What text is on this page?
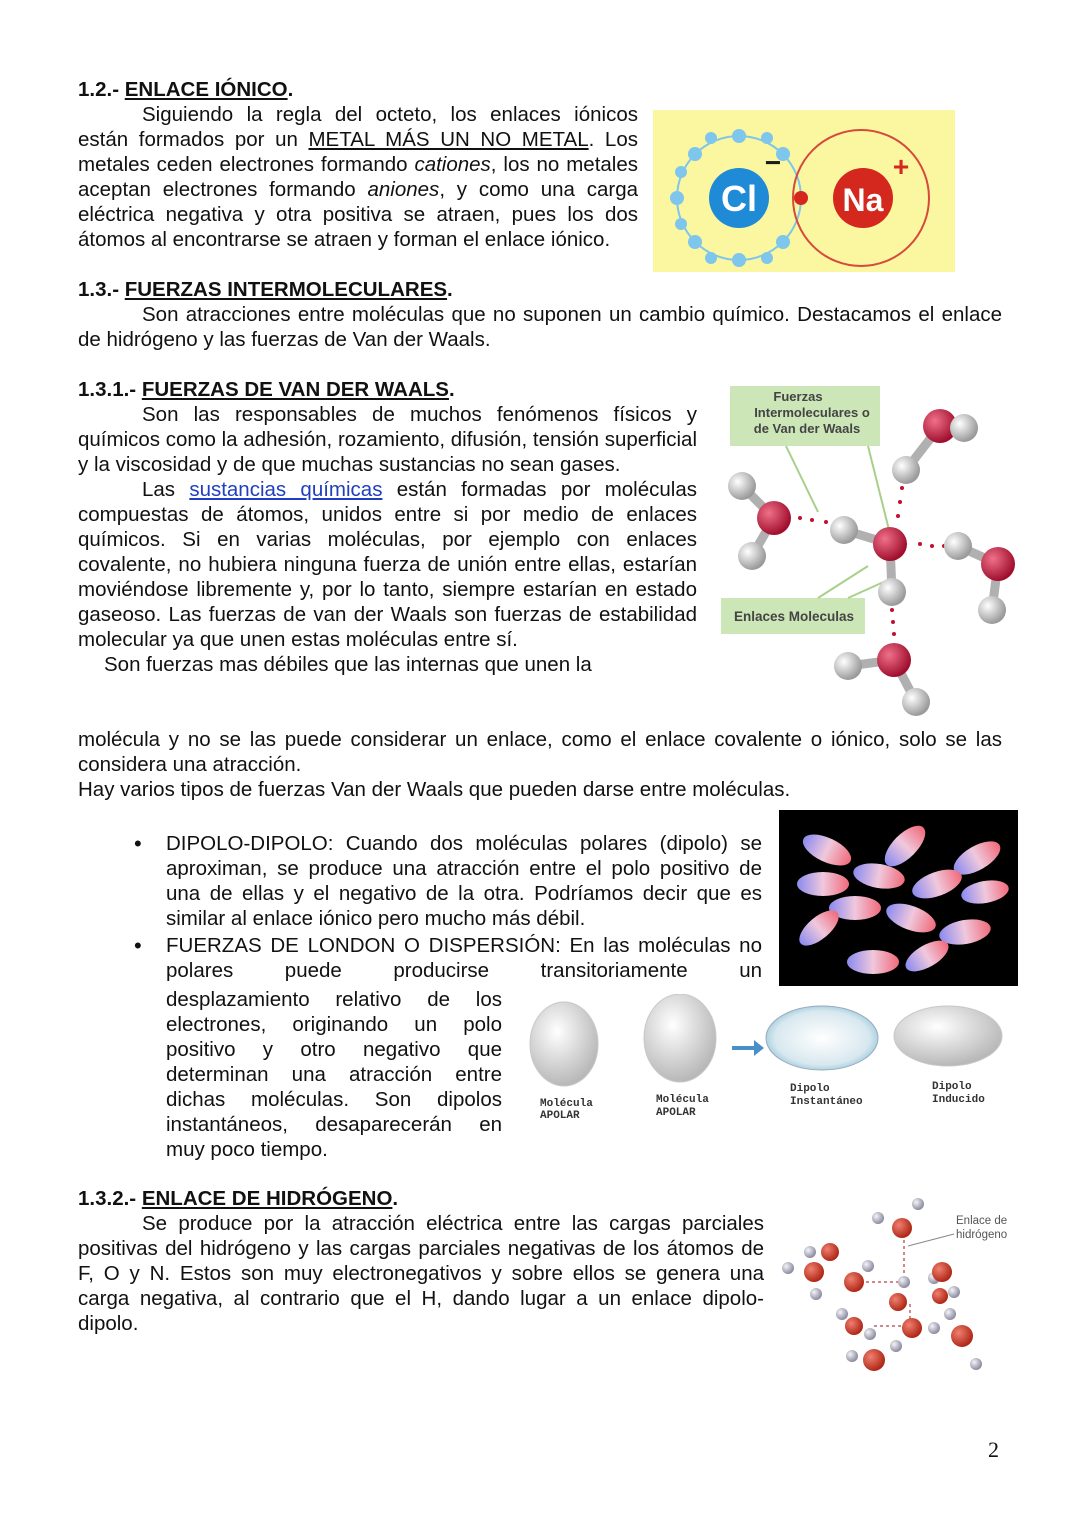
1.2.- ENLACE IÓNICO.

Siguiendo la regla del octeto, los enlaces iónicos están formados por un METAL MÁS UN NO METAL. Los metales ceden electrones formando cationes, los no metales aceptan electrones formando aniones, y como una carga eléctrica negativa y otra positiva se atraen, pues los dos átomos al encontrarse se atraen y forman el enlace iónico.

Cl	Na
−	+
1.3.- FUERZAS INTERMOLECULARES.

Son atracciones entre moléculas que no suponen un cambio químico. Destacamos el enlace de hidrógeno y las fuerzas de Van der Waals.

1.3.1.- FUERZAS DE VAN DER WAALS.

Son las responsables de muchos fenómenos físicos y químicos como la adhesión, rozamiento, difusión, tensión superficial y la viscosidad y de que muchas sustancias no sean gases.

Las sustancias químicas están formadas por moléculas compuestas de átomos, unidos entre si por medio de enlaces químicos. Si en varias moléculas, por ejemplo con enlaces covalente, no hubiera ninguna fuerza de unión entre ellas, estarían moviéndose libremente y, por lo tanto, siempre estarían en estado gaseoso. Las fuerzas de van der Waals son fuerzas de estabilidad molecular ya que unen estas moléculas entre sí.

Son fuerzas mas débiles que las internas que unen la

molécula y no se las puede considerar un enlace, como el enlace covalente o iónico, solo se las considera una atracción.

Hay varios tipos de fuerzas Van der Waals que pueden darse entre moléculas.

Fuerzas
Intermoleculares o
de Van der Waals
Enlaces Moleculas
• DIPOLO-DIPOLO: Cuando dos moléculas polares (dipolo) se aproximan, se produce una atracción entre el polo positivo de una de ellas y el negativo de la otra. Podríamos decir que es similar al enlace iónico pero mucho más débil.
• FUERZAS DE LONDON O DISPERSIÓN: En las moléculas no polares puede producirse transitoriamente un

desplazamiento relativo de los electrones, originando un polo positivo y otro negativo que determinan una atracción entre dichas moléculas. Son dipolos instantáneos, desaparecerán en muy poco tiempo.

Molécula
APOLAR
Molécula
APOLAR
Dipolo
Instantáneo
Dipolo
Inducido
1.3.2.- ENLACE DE HIDRÓGENO.

Se produce por la atracción eléctrica entre las cargas parciales positivas del hidrógeno y las cargas parciales negativas de los átomos de F, O y N. Estos son muy electronegativos y sobre ellos se genera una carga negativa, al contrario que el H, dando lugar a un enlace dipolo-dipolo.

Enlace de
hidrógeno
2
